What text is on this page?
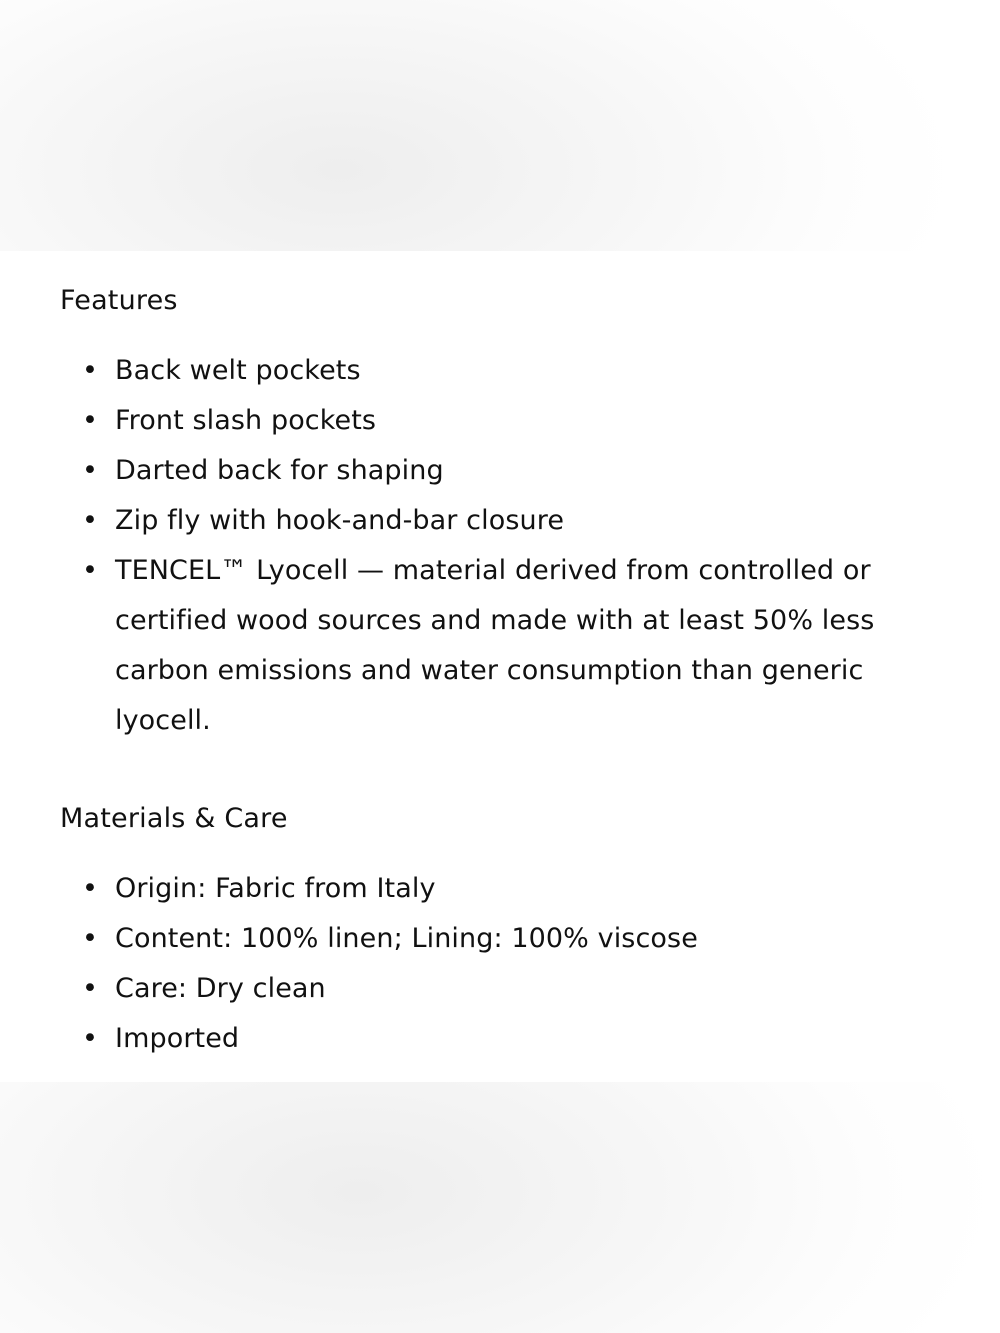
Features
• Back welt pockets
• Front slash pockets
• Darted back for shaping
• Zip fly with hook-and-bar closure
• TENCEL™ Lyocell — material derived from controlled or certified wood sources and made with at least 50% less carbon emissions and water consumption than generic lyocell.
Materials & Care
• Origin: Fabric from Italy
• Content: 100% linen; Lining: 100% viscose
• Care: Dry clean
• Imported
